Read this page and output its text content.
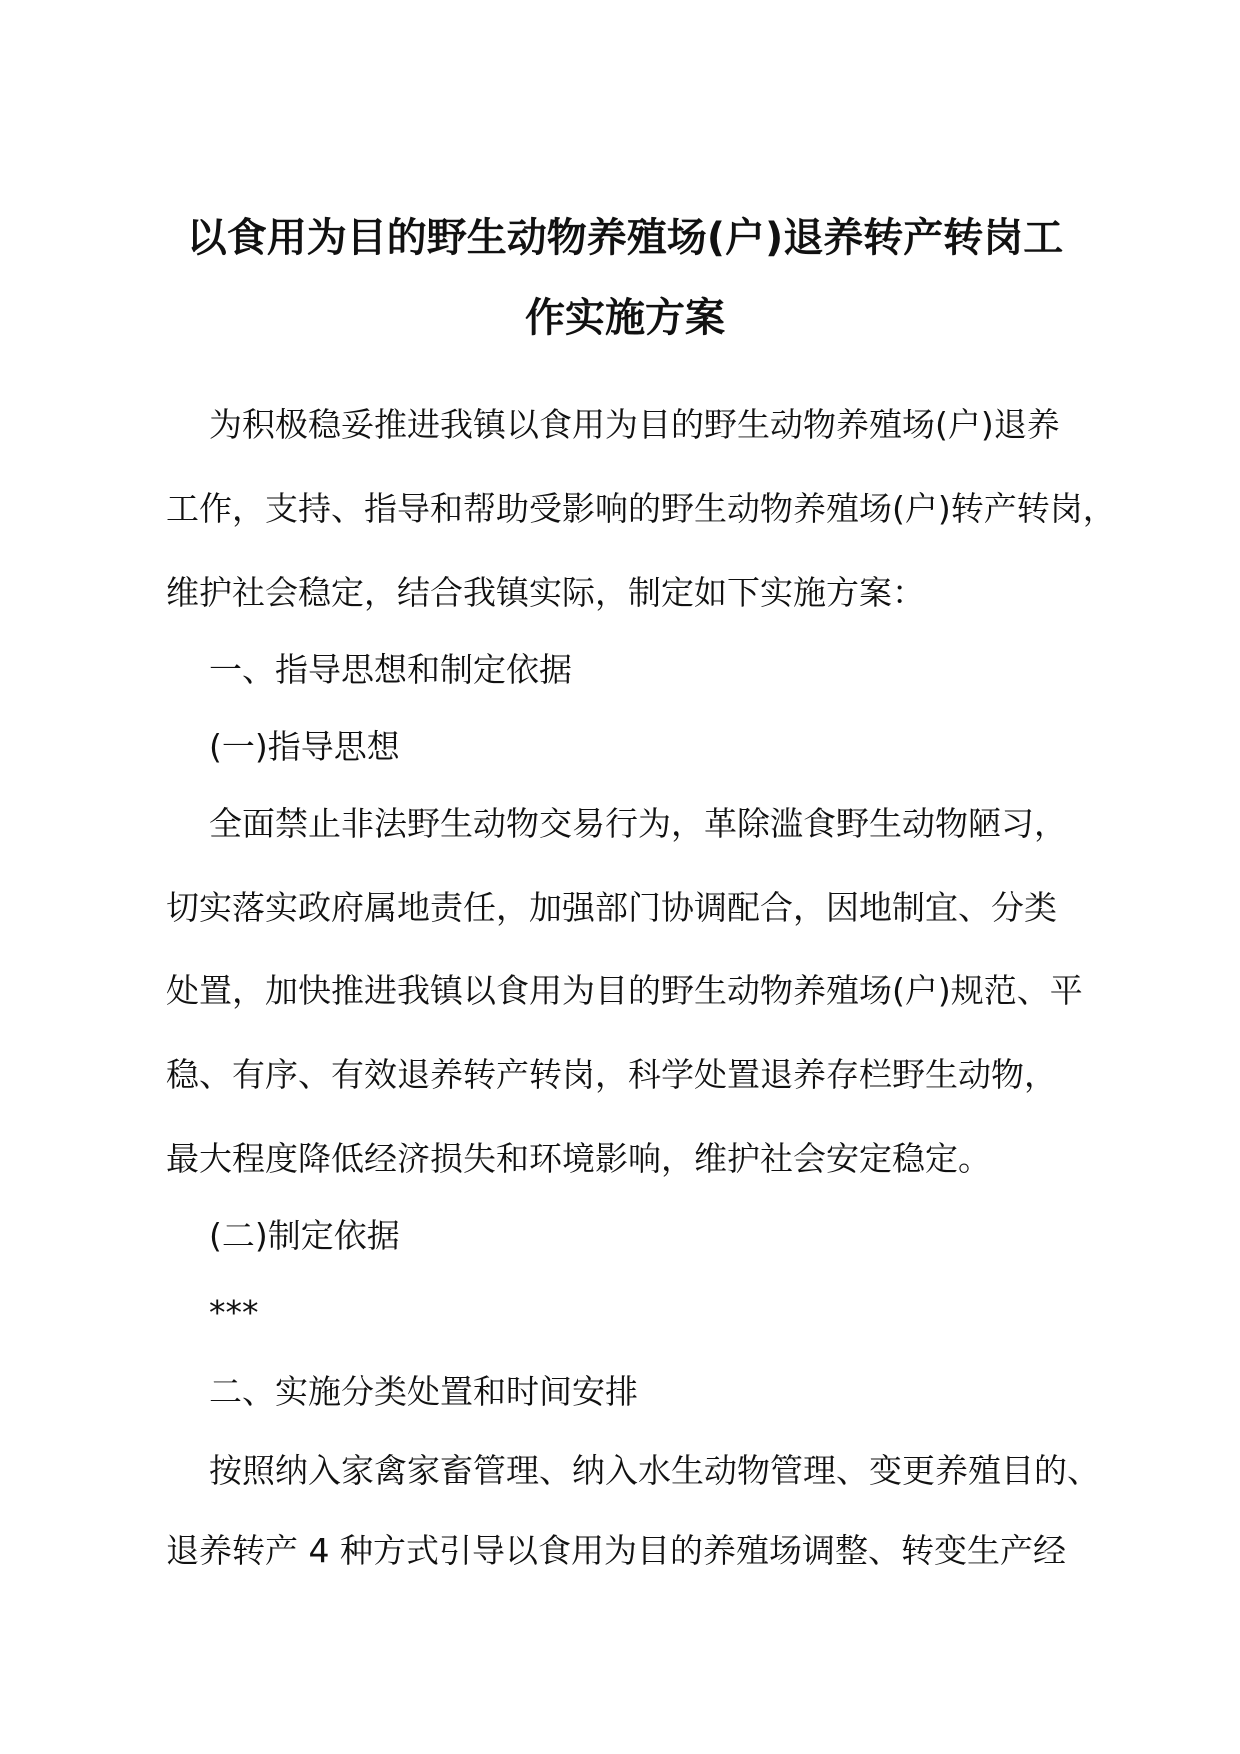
以食用为目的野生动物养殖场(户)退养转产转岗工
作实施方案
为积极稳妥推进我镇以食用为目的野生动物养殖场(户)退养
工作，支持、指导和帮助受影响的野生动物养殖场(户)转产转岗，
维护社会稳定，结合我镇实际，制定如下实施方案：
一、指导思想和制定依据
(一)指导思想
全面禁止非法野生动物交易行为，革除滥食野生动物陋习，
切实落实政府属地责任，加强部门协调配合，因地制宜、分类
处置，加快推进我镇以食用为目的野生动物养殖场(户)规范、平
稳、有序、有效退养转产转岗，科学处置退养存栏野生动物，
最大程度降低经济损失和环境影响，维护社会安定稳定。
(二)制定依据
***
二、实施分类处置和时间安排
按照纳入家禽家畜管理、纳入水生动物管理、变更养殖目的、
退养转产 4 种方式引导以食用为目的养殖场调整、转变生产经
